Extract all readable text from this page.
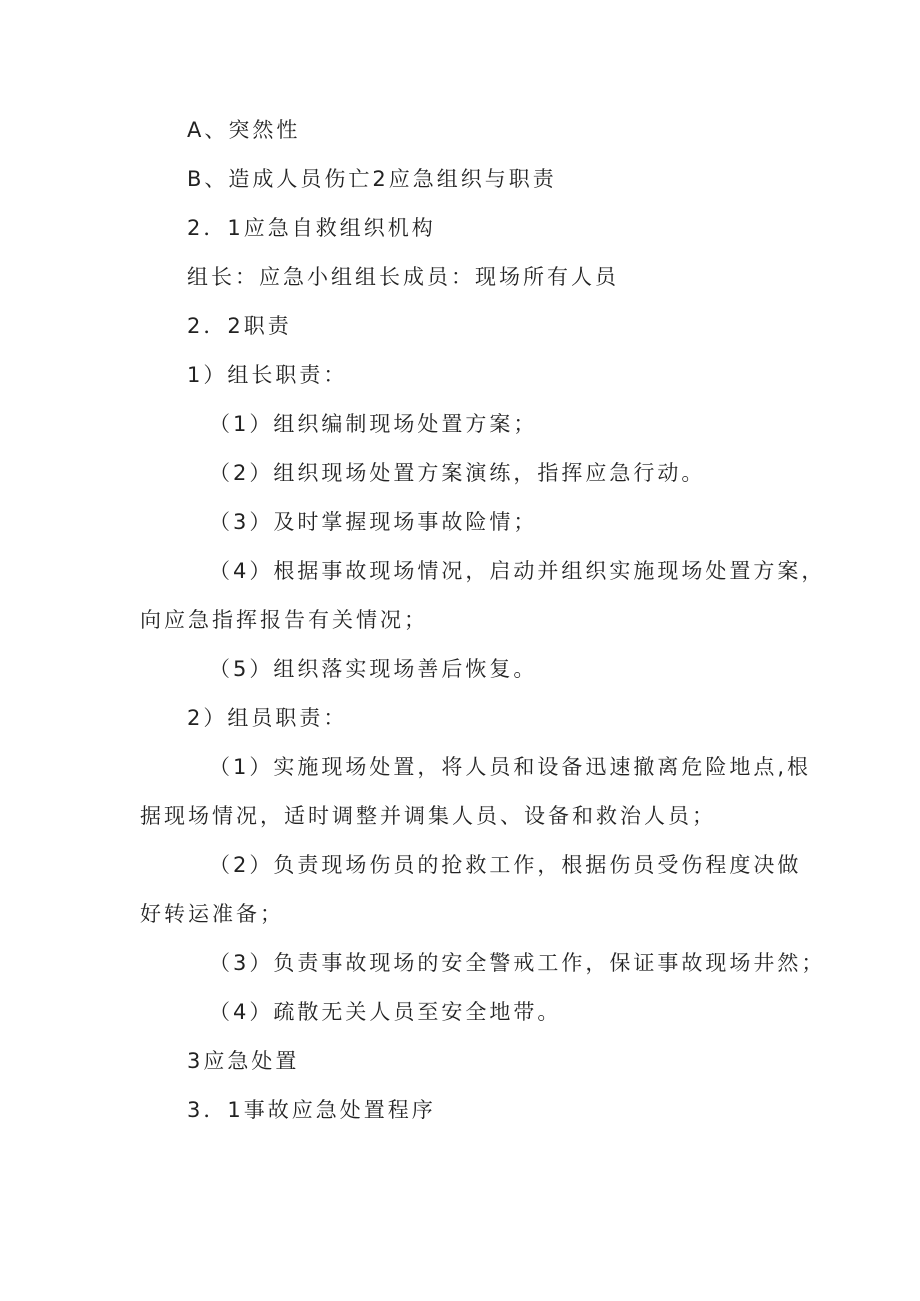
A、突然性

B、造成人员伤亡2应急组织与职责

2．1应急自救组织机构

组长：应急小组组长成员：现场所有人员

2．2职责

1）组长职责：

（1）组织编制现场处置方案；

（2）组织现场处置方案演练，指挥应急行动。

（3）及时掌握现场事故险情；

（4）根据事故现场情况，启动并组织实施现场处置方案，

向应急指挥报告有关情况；

（5）组织落实现场善后恢复。

2）组员职责：

（1）实施现场处置，将人员和设备迅速撤离危险地点,根

据现场情况，适时调整并调集人员、设备和救治人员；

（2）负责现场伤员的抢救工作，根据伤员受伤程度决做

好转运准备；

（3）负责事故现场的安全警戒工作，保证事故现场井然；

（4）疏散无关人员至安全地带。

3应急处置

3．1事故应急处置程序
